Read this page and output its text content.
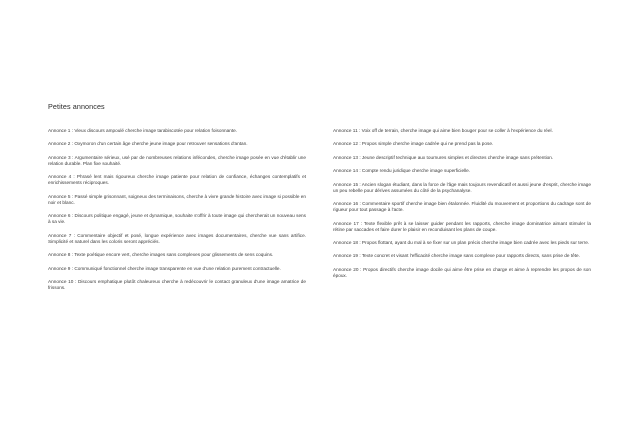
Petites annonces

Annonce 1 : Vieux discours ampoulé cherche image tarabiscotée pour relation foisonnante.

Annonce 2 : Oxymoron d'un certain âge cherche jeune image pour retrouver sensations d'antan.

Annonce 3 : Argumentaire sérieux, usé par de nombreuses relations infécondes, cherche image posée en vue d'établir une relation durable. Plan fixe souhaité.

Annonce 4 : Phrasé lent mais rigoureux cherche image patiente pour relation de confiance, échanges contemplatifs et enrichissements réciproques.

Annonce 5 : Passé simple grisonnant, soigneux des terminaisons, cherche à vivre grande histoire avec image si possible en noir et blanc.

Annonce 6 : Discours politique engagé, jeune et dynamique, souhaite s'offrir à toute image qui chercherait un nouveau sens à sa vie.

Annonce 7 : Commentaire objectif et posé, longue expérience avec images documentaires, cherche vue sans artifice. Simplicité et naturel dans les coloris seront appréciés.

Annonce 8 : Texte poétique encore vert, cherche images sans complexes pour glissements de sens coquins.

Annonce 9 : Communiqué fonctionnel cherche image transparente en vue d'une relation purement contractuelle.

Annonce 10 : Discours emphatique plutôt chaleureux cherche à redécouvrir le contact granuleux d'une image amatrice de frissons.

Annonce 11 : Voix off de terrain, cherche image qui aime bien bouger pour se coller à l'expérience du réel.

Annonce 12 : Propos simple cherche image cadrée qui ne prend pas la pose.

Annonce 13 : Jeune descriptif technique aux tournures simples et directes cherche image sans prétention.

Annonce 14 : Compte rendu juridique cherche image superficielle.

Annonce 15 : Ancien slogan étudiant, dans la force de l'âge mais toujours revendicatif et aussi jeune d'esprit, cherche image un peu rebelle pour dérives assumées du côté de la psychanalyse.

Annonce 16 : Commentaire sportif cherche image bien étalonnée. Fluidité du mouvement et proportions du cadrage sont de rigueur pour tout passage à l'acte.

Annonce 17 : Texte flexible prêt à se laisser guider pendant les rapports, cherche image dominatrice aimant stimuler la rétine par saccades et faire durer le plaisir en reconduisant les plans de coupe.

Annonce 18 : Propos flottant, ayant du mal à se fixer sur un plan précis cherche image bien cadrée avec les pieds sur terre.

Annonce 19 : Texte concret et visant l'efficacité cherche image sans complexe pour rapports directs, sans prise de tête.

Annonce 20 : Propos directifs cherche image docile qui aime être prise en charge et aime à reprendre les propos de son époux.
